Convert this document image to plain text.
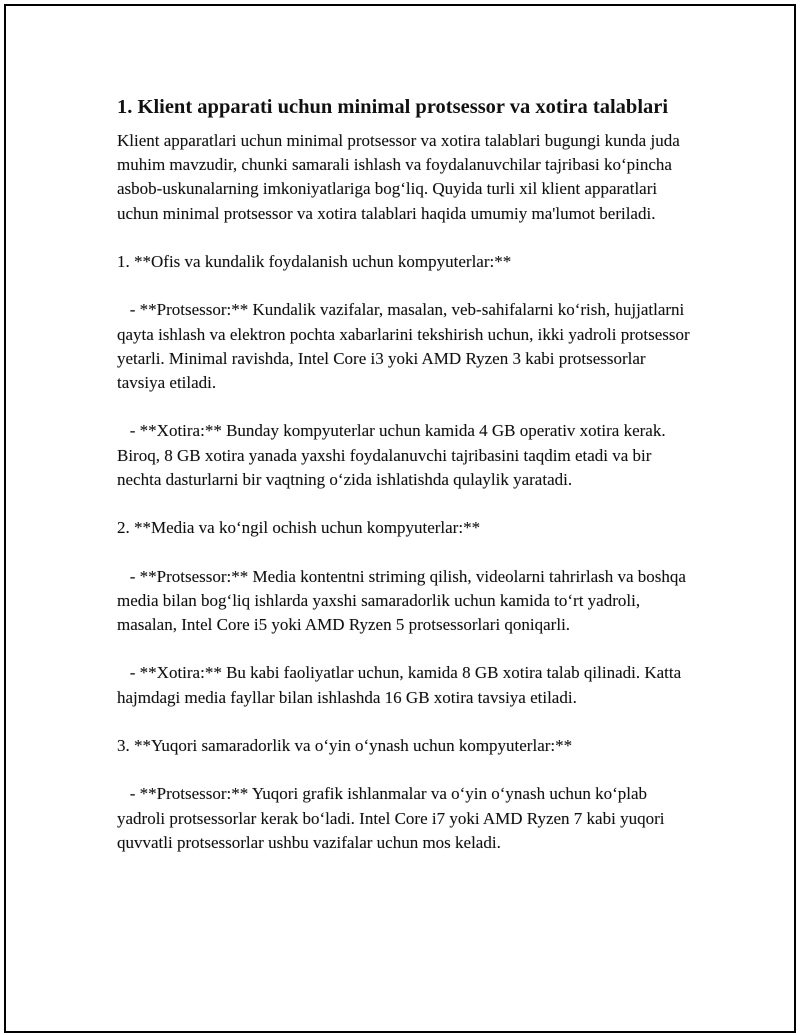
1. Klient apparati uchun minimal protsessor va xotira talablari

Klient apparatlari uchun minimal protsessor va xotira talablari bugungi kunda juda muhim mavzudir, chunki samarali ishlash va foydalanuvchilar tajribasi ko‘pincha asbob-uskunalarning imkoniyatlariga bog‘liq. Quyida turli xil klient apparatlari uchun minimal protsessor va xotira talablari haqida umumiy ma'lumot beriladi.

1. **Ofis va kundalik foydalanish uchun kompyuterlar:**

- **Protsessor:** Kundalik vazifalar, masalan, veb-sahifalarni ko‘rish, hujjatlarni qayta ishlash va elektron pochta xabarlarini tekshirish uchun, ikki yadroli protsessor yetarli. Minimal ravishda, Intel Core i3 yoki AMD Ryzen 3 kabi protsessorlar tavsiya etiladi.

- **Xotira:** Bunday kompyuterlar uchun kamida 4 GB operativ xotira kerak. Biroq, 8 GB xotira yanada yaxshi foydalanuvchi tajribasini taqdim etadi va bir nechta dasturlarni bir vaqtning o‘zida ishlatishda qulaylik yaratadi.

2. **Media va ko‘ngil ochish uchun kompyuterlar:**

- **Protsessor:** Media kontentni striming qilish, videolarni tahrirlash va boshqa media bilan bog‘liq ishlarda yaxshi samaradorlik uchun kamida to‘rt yadroli, masalan, Intel Core i5 yoki AMD Ryzen 5 protsessorlari qoniqarli.

- **Xotira:** Bu kabi faoliyatlar uchun, kamida 8 GB xotira talab qilinadi. Katta hajmdagi media fayllar bilan ishlashda 16 GB xotira tavsiya etiladi.

3. **Yuqori samaradorlik va o‘yin o‘ynash uchun kompyuterlar:**

- **Protsessor:** Yuqori grafik ishlanmalar va o‘yin o‘ynash uchun ko‘plab yadroli protsessorlar kerak bo‘ladi. Intel Core i7 yoki AMD Ryzen 7 kabi yuqori quvvatli protsessorlar ushbu vazifalar uchun mos keladi.
